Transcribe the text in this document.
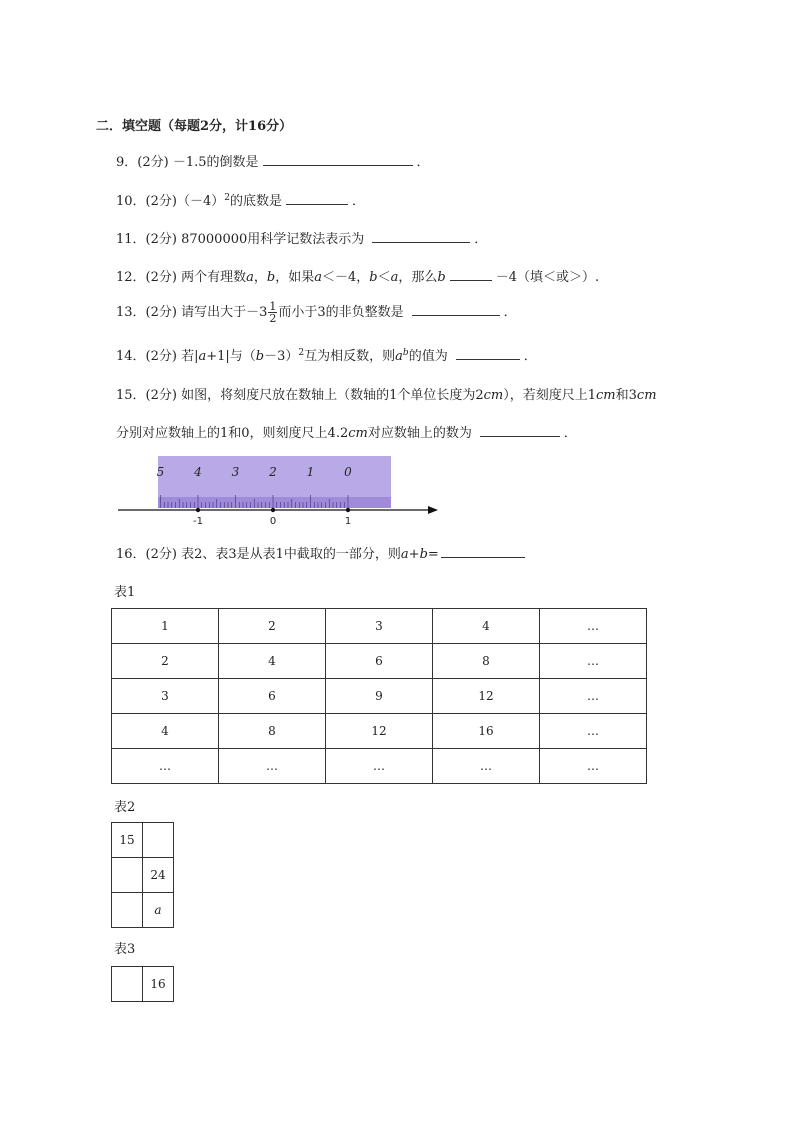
二．填空题（每题2分，计16分）
9．(2分) －1.5的倒数是	．
10．(2分)$(-4)^2$的底数是	．
11．(2分) 87000000用科学记数法表示为	．
12．(2分) 两个有理数a，b，如果a＜－4，b＜a，那么b	－4（填＜或＞）.
13．(2分) 请写出大于$-3 \frac{1}{2}$ 而小于3的非负整数是	．
14．(2分) 若|a+1|与$(b-3)^2$互为相反数，则$a^b$的值为	．
15．(2分) 如图，将刻度尺放在数轴上（数轴的1个单位长度为2cm），若刻度尺上1cm和3cm
分别对应数轴上的1和0，则刻度尺上4.2cm对应数轴上的数为	．
5 4 3 2 1 0
-1	0	1
16．(2分) 表2、表3是从表1中截取的一部分，则a+b=
表1
1	2	3	4	…
2	4	6	8	…
3	6	9	12	…
4	8	12	16	…
…	…	…	…	…
表2
15	
	24
	a
表3
	16
